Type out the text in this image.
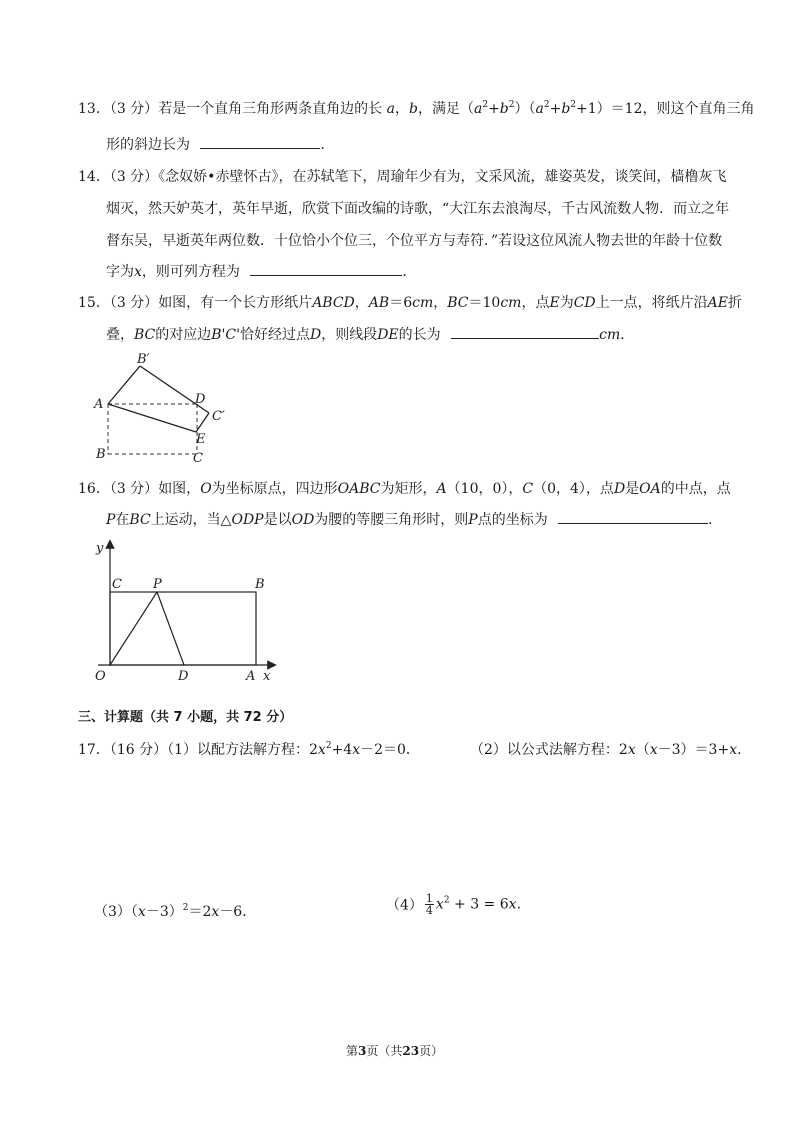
13．（3 分）若是一个直角三角形两条直角边的长 a，b，满足$(a^2+b^2)(a^2+b^2+1)=12$，则这个直角三角
形的斜边长为	．
14．（3 分）《念奴娇•赤壁怀古》，在苏轼笔下，周瑜年少有为，文采风流，雄姿英发，谈笑间，樯橹灰飞
烟灭，然天妒英才，英年早逝，欣赏下面改编的诗歌，“大江东去浪淘尽，千古风流数人物．而立之年
督东吴，早逝英年两位数．十位恰小个位三，个位平方与寿符．”若设这位风流人物去世的年龄十位数
字为x，则可列方程为	．
15．（3 分）如图，有一个长方形纸片ABCD，AB＝6cm，BC＝10cm，点E为CD上一点，将纸片沿AE折
叠，BC的对应边B'C'恰好经过点D，则线段DE的长为	cm．
B′
A	D
C′
E
B	C
16．（3 分）如图，O为坐标原点，四边形OABC为矩形，A（10，0），C（0，4），点D是OA的中点，点
P在BC上运动，当△ODP是以OD为腰的等腰三角形时，则P点的坐标为	．
y
C P	B
O	D	A x
三、计算题（共 7 小题，共 72 分）
17．（16 分）（1）以配方法解方程：$2x^2+4x-2=0$．	（2）以公式法解方程：2x（x－3）＝3+x．
$(3)(x-3)^2=2x-6$．	$(4) \frac{1}{4} x^2 + 3 = 6x$.
第3页（共23页）
